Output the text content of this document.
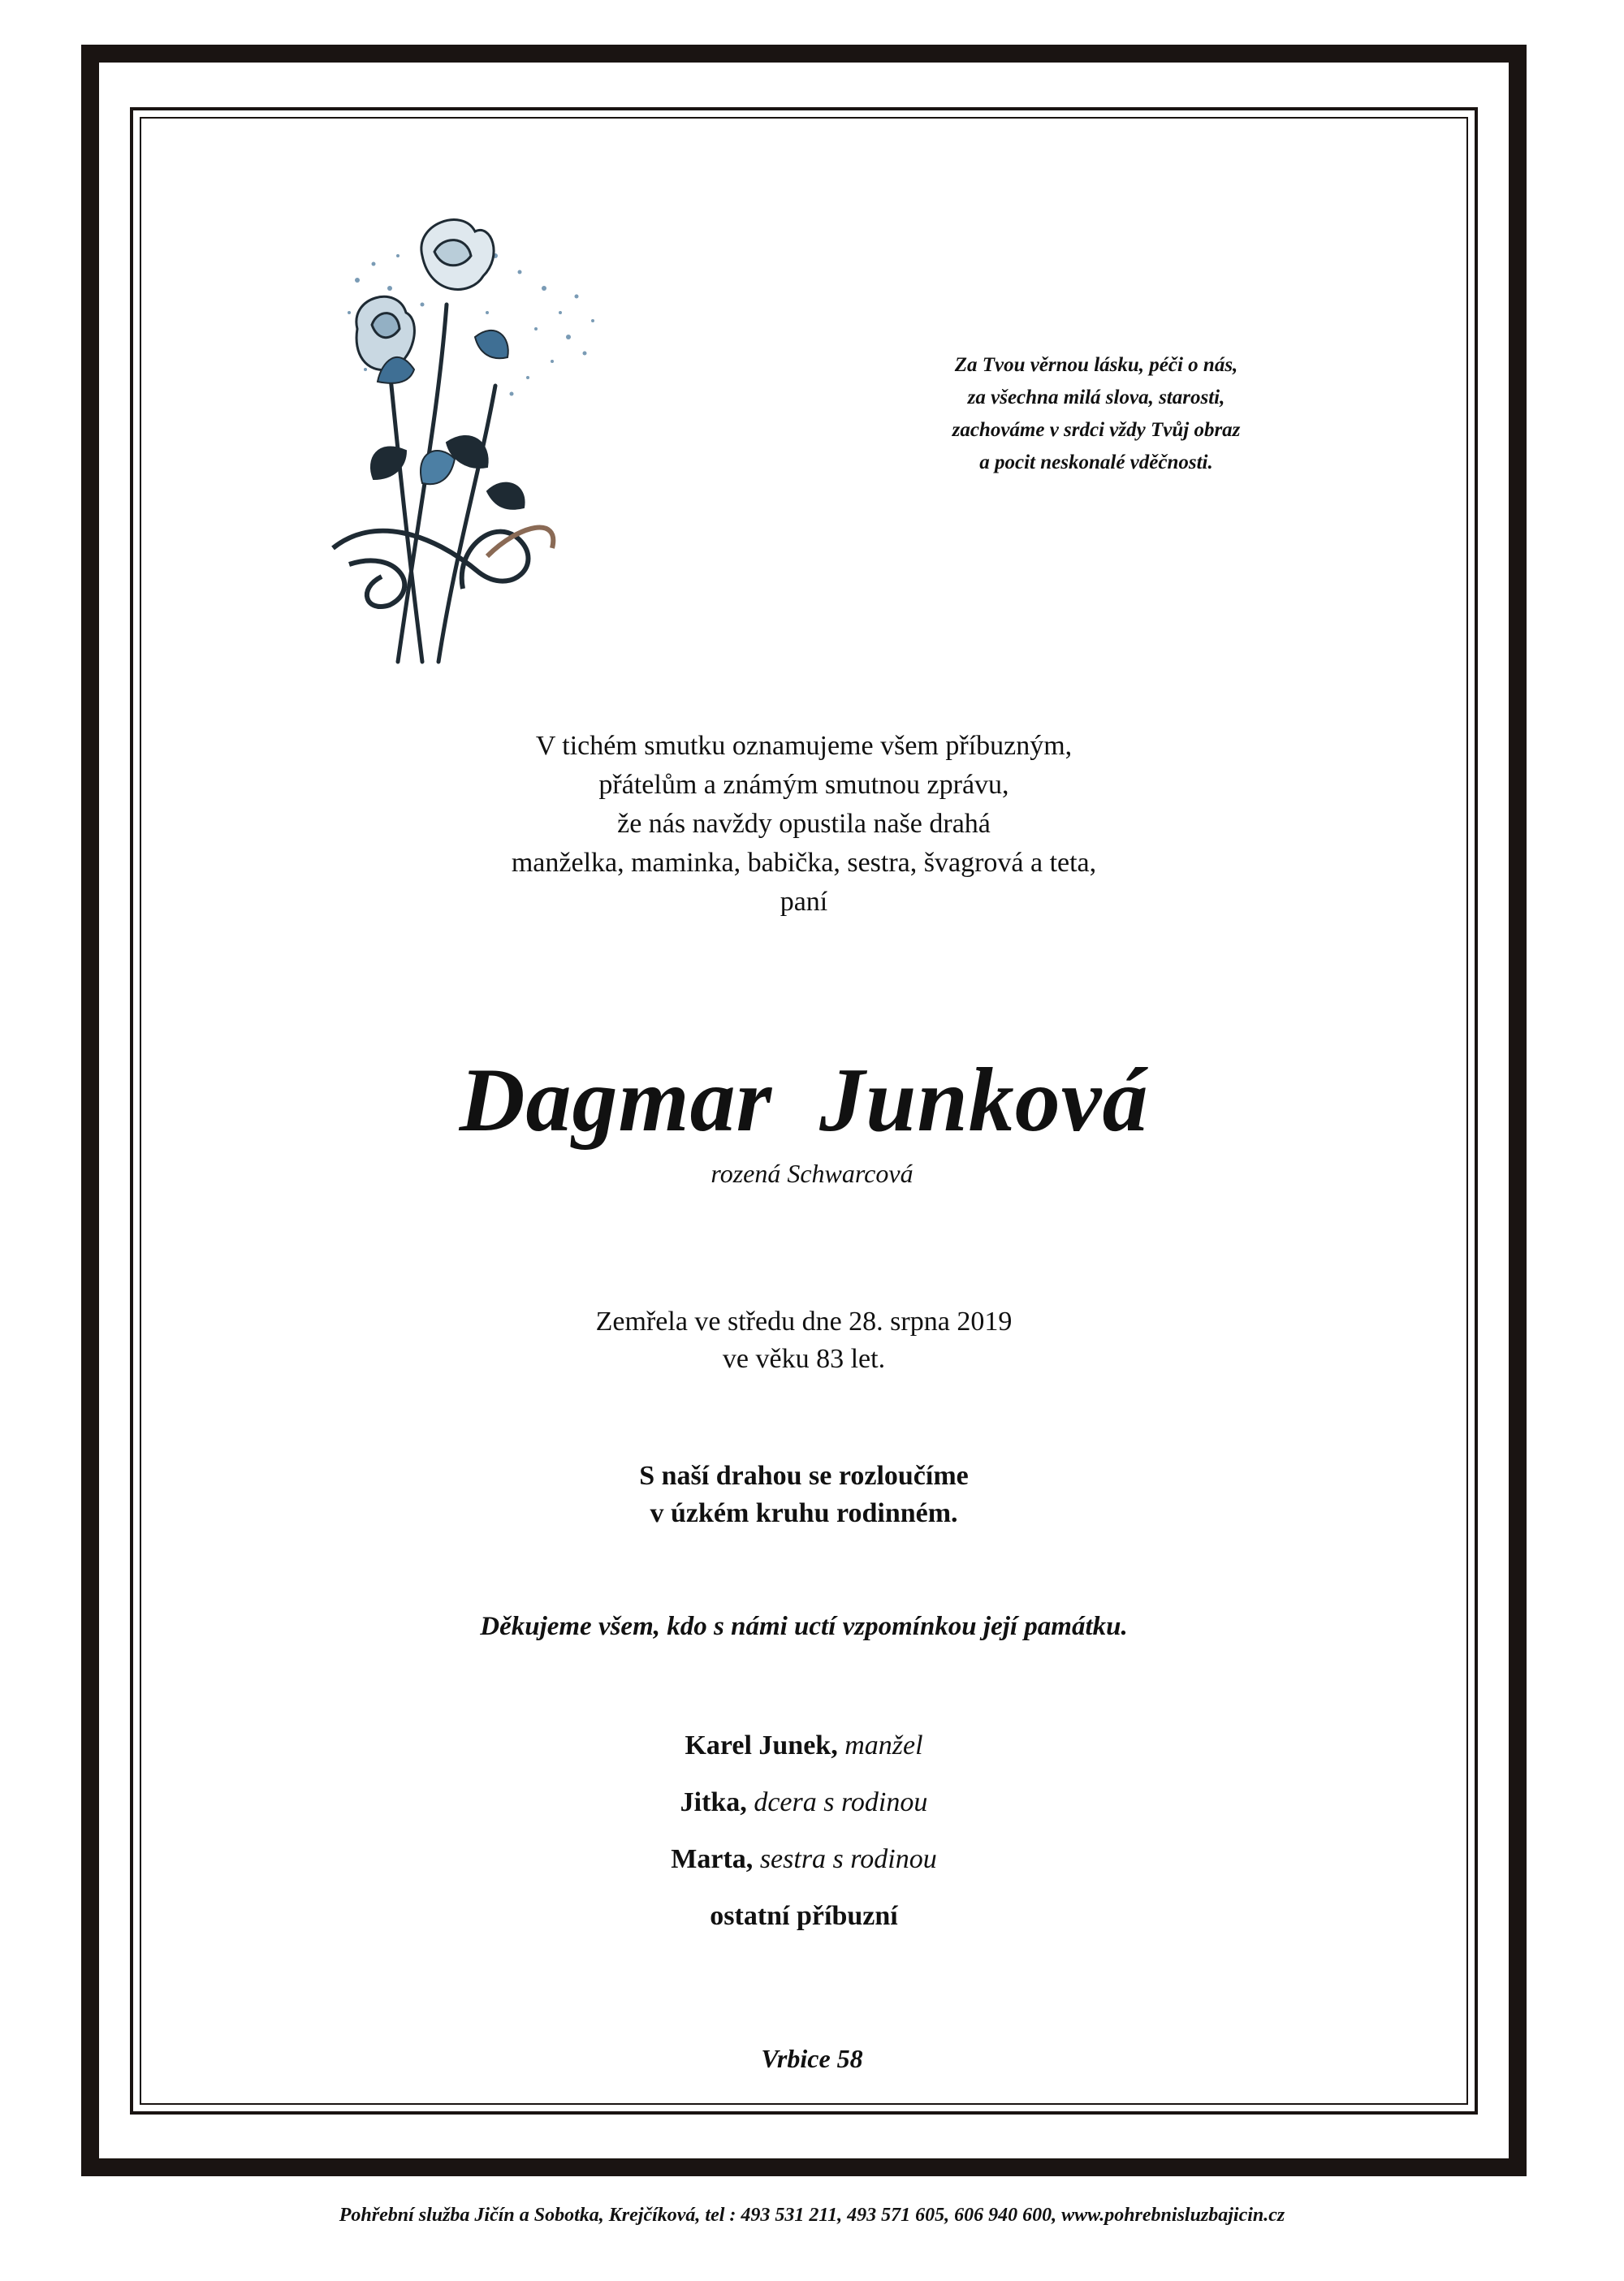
Za Tvou věrnou lásku, péči o nás,
za všechna milá slova, starosti,
zachováme v srdci vždy Tvůj obraz
a pocit neskonalé vděčnosti.
V tichém smutku oznamujeme všem příbuzným,
přátelům a známým smutnou zprávu,
že nás navždy opustila naše drahá
manželka, maminka, babička, sestra, švagrová a teta,
paní
Dagmar  Junková
rozená Schwarcová
Zemřela ve středu dne 28. srpna 2019
ve věku 83 let.
S naší drahou se rozloučíme
v úzkém kruhu rodinném.
Děkujeme všem, kdo s námi uctí vzpomínkou její památku.
Karel Junek, manžel
Jitka, dcera s rodinou
Marta, sestra s rodinou
ostatní příbuzní
Vrbice 58
Pohřební služba Jičín a Sobotka, Krejčíková, tel : 493 531 211, 493 571 605, 606 940 600, www.pohrebnisluzbajicin.cz
